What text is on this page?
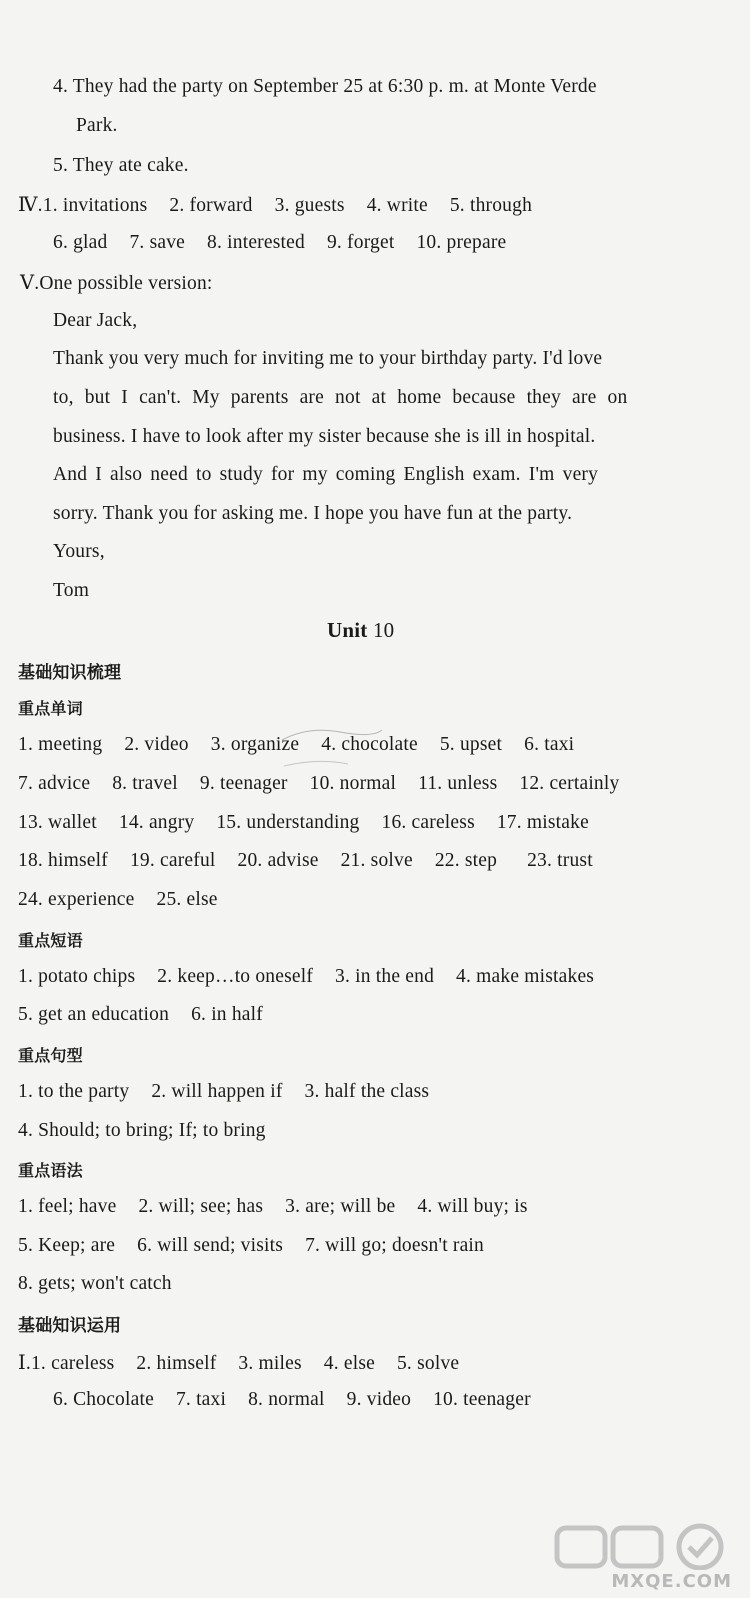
4. They had the party on September 25 at 6:30 p. m. at Monte Verde
Park.
5. They ate cake.
Ⅳ.1. invitations 2. forward 3. guests 4. write 5. through
6. glad 7. save 8. interested 9. forget 10. prepare
Ⅴ.One possible version:
Dear Jack,
Thank you very much for inviting me to your birthday party. I'd love
to, but I can't. My parents are not at home because they are on
business. I have to look after my sister because she is ill in hospital.
And I also need to study for my coming English exam. I'm very
sorry. Thank you for asking me. I hope you have fun at the party.
Yours,
Tom
Unit 10
基础知识梳理
重点单词
1. meeting 2. video 3. organize 4. chocolate 5. upset 6. taxi
7. advice 8. travel 9. teenager 10. normal 11. unless 12. certainly
13. wallet 14. angry 15. understanding 16. careless 17. mistake
18. himself 19. careful 20. advise 21. solve 22. step 23. trust
24. experience 25. else
重点短语
1. potato chips 2. keep…to oneself 3. in the end 4. make mistakes
5. get an education 6. in half
重点句型
1. to the party 2. will happen if 3. half the class
4. Should; to bring; If; to bring
重点语法
1. feel; have 2. will; see; has 3. are; will be 4. will buy; is
5. Keep; are 6. will send; visits 7. will go; doesn't rain
8. gets; won't catch
基础知识运用
Ⅰ.1. careless 2. himself 3. miles 4. else 5. solve
6. Chocolate 7. taxi 8. normal 9. video 10. teenager
MXQE.COM
